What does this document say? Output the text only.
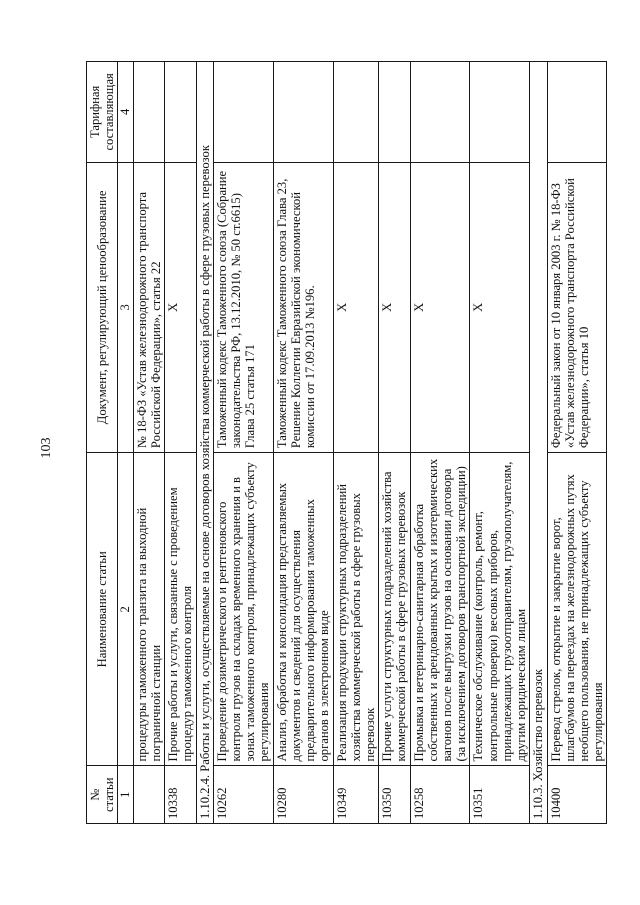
103
№ статьи	Наименование статьи	Документ, регулирующий ценообразование	Тарифная составляющая
1	2	3	4
	процедуры таможенного транзита на выходной пограничной станции	№ 18-ФЗ «Устав железнодорожного транспорта Российской Федерации», статья 22	
10338	Прочие работы и услуги, связанные с проведением процедур таможенного контроля	X	
1.10.2.4. Работы и услуги, осуществляемые на основе договоров хозяйства коммерческой работы в сфере грузовых перевозок			
10262	Проведение дозиметрического и рентгеновского контроля грузов на складах временного хранения и в зонах таможенного контроля, принадлежащих субъекту регулирования	Таможенный кодекс Таможенного союза (Собрание законодательства РФ, 13.12.2010, № 50 ст.6615) Глава 25 статья 171	
10280	Анализ, обработка и консолидация представляемых документов и сведений для осуществления предварительного информирования таможенных органов в электронном виде	Таможенный кодекс Таможенного союза Глава 23, Решение Коллегии Евразийской экономической комиссии от 17.09.2013 №196.	
10349	Реализация продукции структурных подразделений хозяйства коммерческой работы в сфере грузовых перевозок	X	
10350	Прочие услуги структурных подразделений хозяйства коммерческой работы в сфере грузовых перевозок	X	
10258	Промывка и ветеринарно-санитарная обработка собственных и арендованных крытых и изотермических вагонов после выгрузки грузов на основании договора (за исключением договоров транспортной экспедиции)	X	
10351	Техническое обслуживание (контроль, ремонт, контрольные проверки) весовых приборов, принадлежащих грузоотправителям, грузополучателям, другим юридическим лицам	X	
1.10.3. Хозяйство перевозок			
10400	Перевод стрелок, открытие и закрытие ворот, шлагбаумов на переездах на железнодорожных путях необщего пользования, не принадлежащих субъекту регулирования	Федеральный закон от 10 января 2003 г. № 18-ФЗ «Устав железнодорожного транспорта Российской Федерации», статья 10	
